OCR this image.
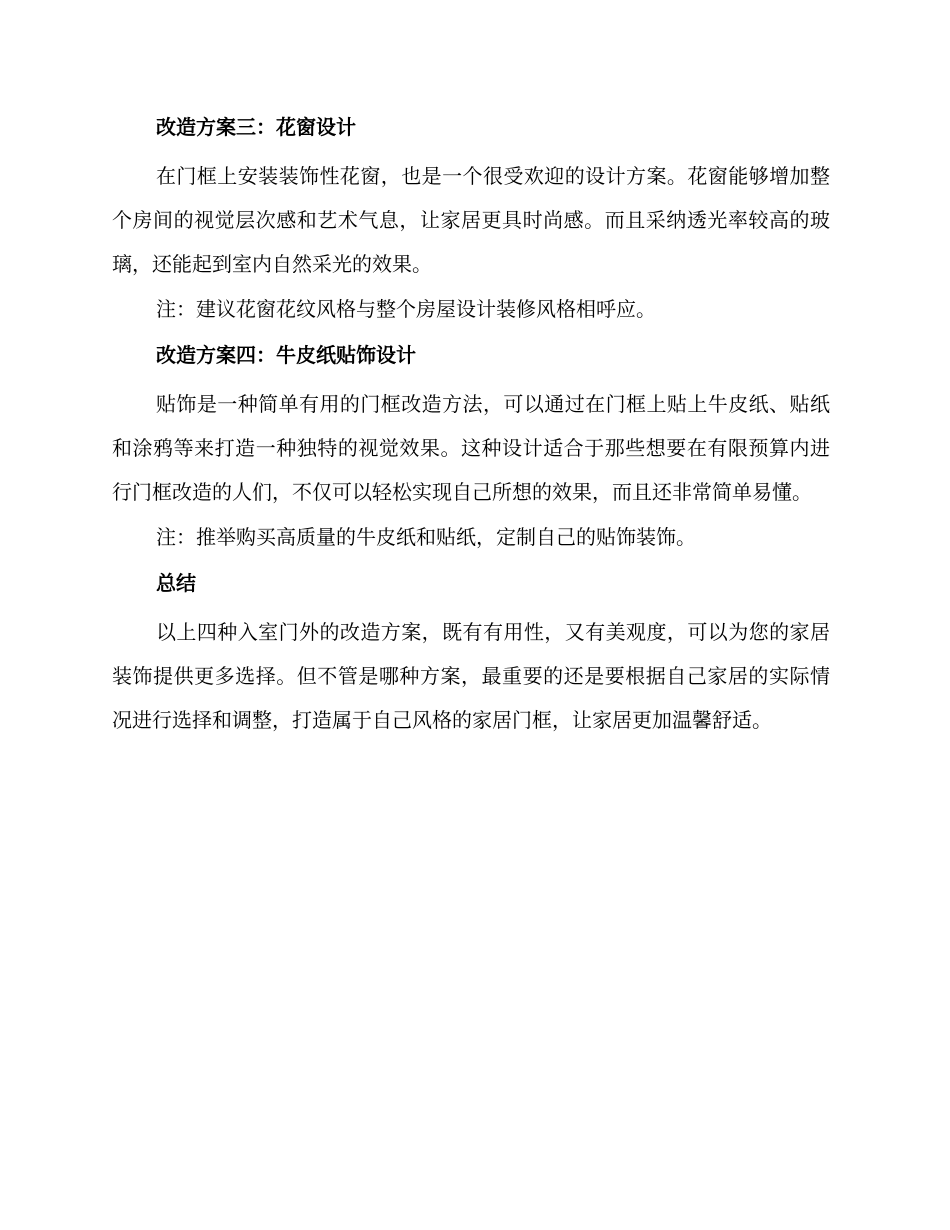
改造方案三：花窗设计

在门框上安装装饰性花窗，也是一个很受欢迎的设计方案。花窗能够增加整个房间的视觉层次感和艺术气息，让家居更具时尚感。而且采纳透光率较高的玻璃，还能起到室内自然采光的效果。

注：建议花窗花纹风格与整个房屋设计装修风格相呼应。

改造方案四：牛皮纸贴饰设计

贴饰是一种简单有用的门框改造方法，可以通过在门框上贴上牛皮纸、贴纸和涂鸦等来打造一种独特的视觉效果。这种设计适合于那些想要在有限预算内进行门框改造的人们，不仅可以轻松实现自己所想的效果，而且还非常简单易懂。

注：推举购买高质量的牛皮纸和贴纸，定制自己的贴饰装饰。

总结

以上四种入室门外的改造方案，既有有用性，又有美观度，可以为您的家居装饰提供更多选择。但不管是哪种方案，最重要的还是要根据自己家居的实际情况进行选择和调整，打造属于自己风格的家居门框，让家居更加温馨舒适。
